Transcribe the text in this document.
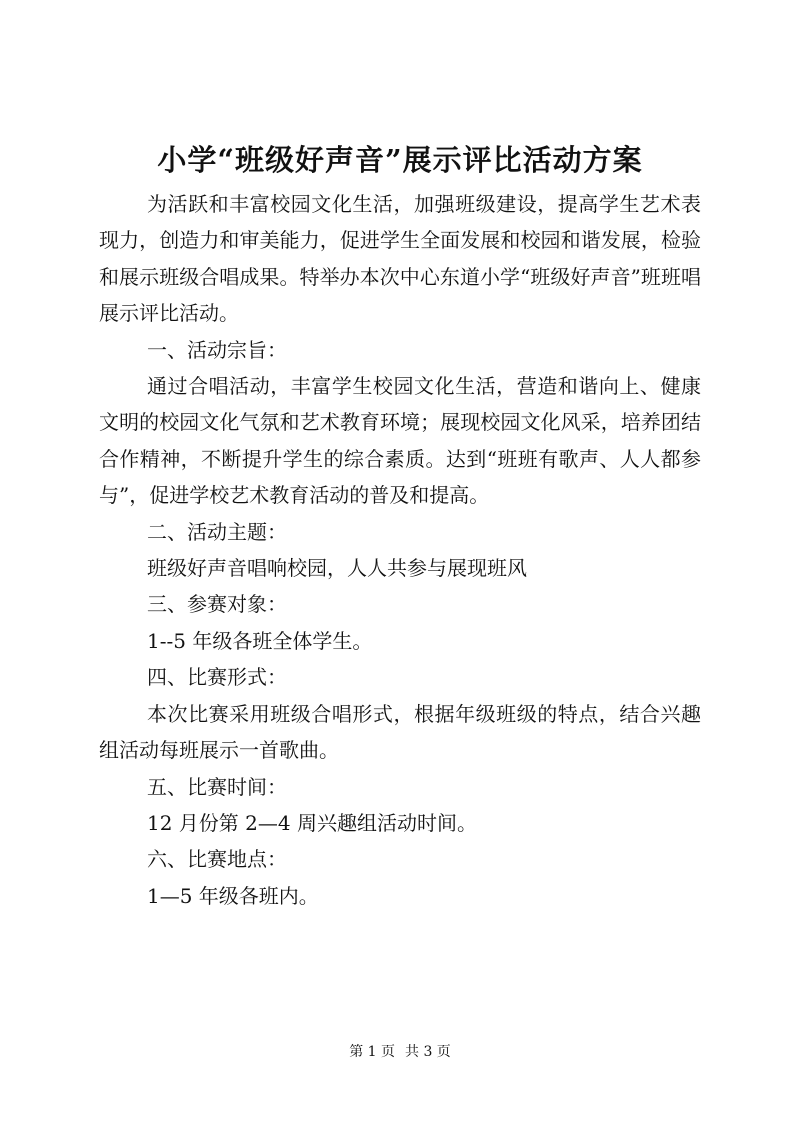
小学“班级好声音”展示评比活动方案
为活跃和丰富校园文化生活，加强班级建设，提高学生艺术表现力，创造力和审美能力，促进学生全面发展和校园和谐发展，检验和展示班级合唱成果。特举办本次中心东道小学“班级好声音”班班唱展示评比活动。
一、活动宗旨：
通过合唱活动，丰富学生校园文化生活，营造和谐向上、健康文明的校园文化气氛和艺术教育环境；展现校园文化风采，培养团结合作精神，不断提升学生的综合素质。达到“班班有歌声、人人都参与”，促进学校艺术教育活动的普及和提高。
二、活动主题：
班级好声音唱响校园，人人共参与展现班风
三、参赛对象：
1--5 年级各班全体学生。
四、比赛形式：
本次比赛采用班级合唱形式，根据年级班级的特点，结合兴趣组活动每班展示一首歌曲。
五、比赛时间：
12 月份第 2—4 周兴趣组活动时间。
六、比赛地点：
1—5 年级各班内。
第 1 页 共 3 页
